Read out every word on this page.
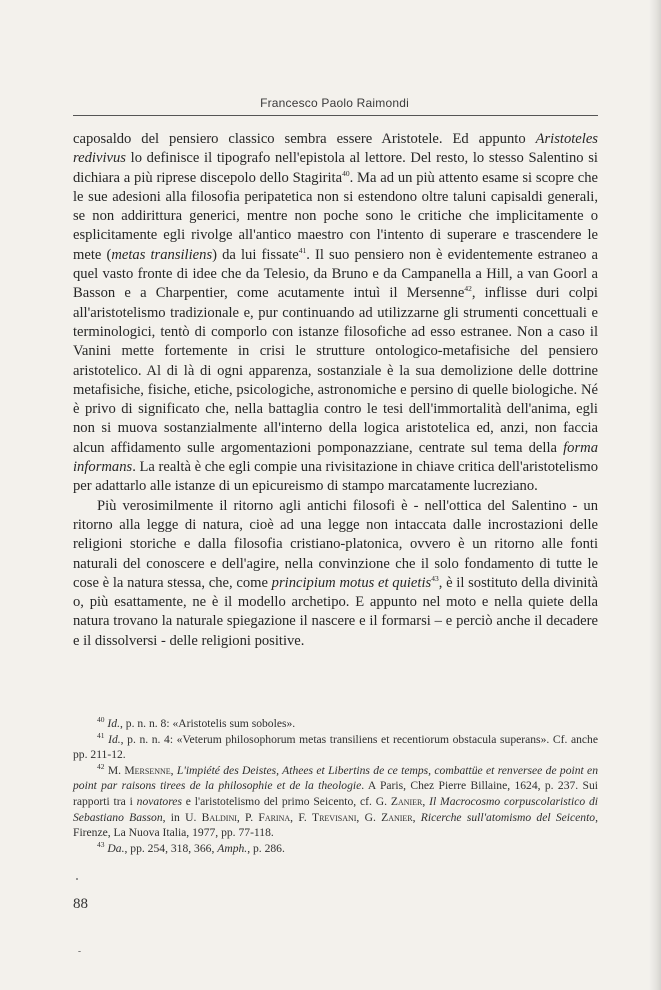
Francesco Paolo Raimondi

caposaldo del pensiero classico sembra essere Aristotele. Ed appunto Aristoteles redivivus lo definisce il tipografo nell'epistola al lettore. Del resto, lo stesso Salentino si dichiara a più riprese discepolo dello Stagirita$^{40}$. Ma ad un più attento esame si scopre che le sue adesioni alla filosofia peripatetica non si estendono oltre taluni capisaldi generali, se non addirittura generici, mentre non poche sono le critiche che implicitamente o esplicitamente egli rivolge all'antico maestro con l'intento di superare e trascendere le mete (metas transiliens) da lui fissate$^{41}$. Il suo pensiero non è evidentemente estraneo a quel vasto fronte di idee che da Telesio, da Bruno e da Campanella a Hill, a van Goorl a Basson e a Charpentier, come acutamente intuì il Mersenne$^{42}$, inflisse duri colpi all'aristotelismo tradizionale e, pur continuando ad utilizzarne gli strumenti concettuali e terminologici, tentò di comporlo con istanze filosofiche ad esso estranee. Non a caso il Vanini mette fortemente in crisi le strutture ontologico-metafisiche del pensiero aristotelico. Al di là di ogni apparenza, sostanziale è la sua demolizione delle dottrine metafisiche, fisiche, etiche, psicologiche, astronomiche e persino di quelle biologiche. Né è privo di significato che, nella battaglia contro le tesi dell'immortalità dell'anima, egli non si muova sostanzialmente all'interno della logica aristotelica ed, anzi, non faccia alcun affidamento sulle argomentazioni pomponazziane, centrate sul tema della forma informans. La realtà è che egli compie una rivisitazione in chiave critica dell'aristotelismo per adattarlo alle istanze di un epicureismo di stampo marcatamente lucreziano.

Più verosimilmente il ritorno agli antichi filosofi è - nell'ottica del Salentino - un ritorno alla legge di natura, cioè ad una legge non intaccata dalle incrostazioni delle religioni storiche e dalla filosofia cristiano-platonica, ovvero è un ritorno alle fonti naturali del conoscere e dell'agire, nella convinzione che il solo fondamento di tutte le cose è la natura stessa, che, come principium motus et quietis$^{43}$, è il sostituto della divinità o, più esattamente, ne è il modello archetipo. E appunto nel moto e nella quiete della natura trovano la naturale spiegazione il nascere e il formarsi – e perciò anche il decadere e il dissolversi - delle religioni positive.

$^{40}$ Id., p. n. n. 8: «Aristotelis sum soboles».

$^{41}$ Id., p. n. n. 4: «Veterum philosophorum metas transiliens et recentiorum obstacula superans». Cf. anche pp. 211-12.

$^{42}$ M. Mersenne, L'impiété des Deistes, Athees et Libertins de ce temps, combattüe et renversee de point en point par raisons tirees de la philosophie et de la theologie. A Paris, Chez Pierre Billaine, 1624, p. 237. Sui rapporti tra i novatores e l'aristotelismo del primo Seicento, cf. G. Zanier, Il Macrocosmo corpuscolaristico di Sebastiano Basson, in U. Baldini, P. Farina, F. Trevisani, G. Zanier, Ricerche sull'atomismo del Seicento, Firenze, La Nuova Italia, 1977, pp. 77-118.

$^{43}$ Da., pp. 254, 318, 366, Amph., p. 286.

88
